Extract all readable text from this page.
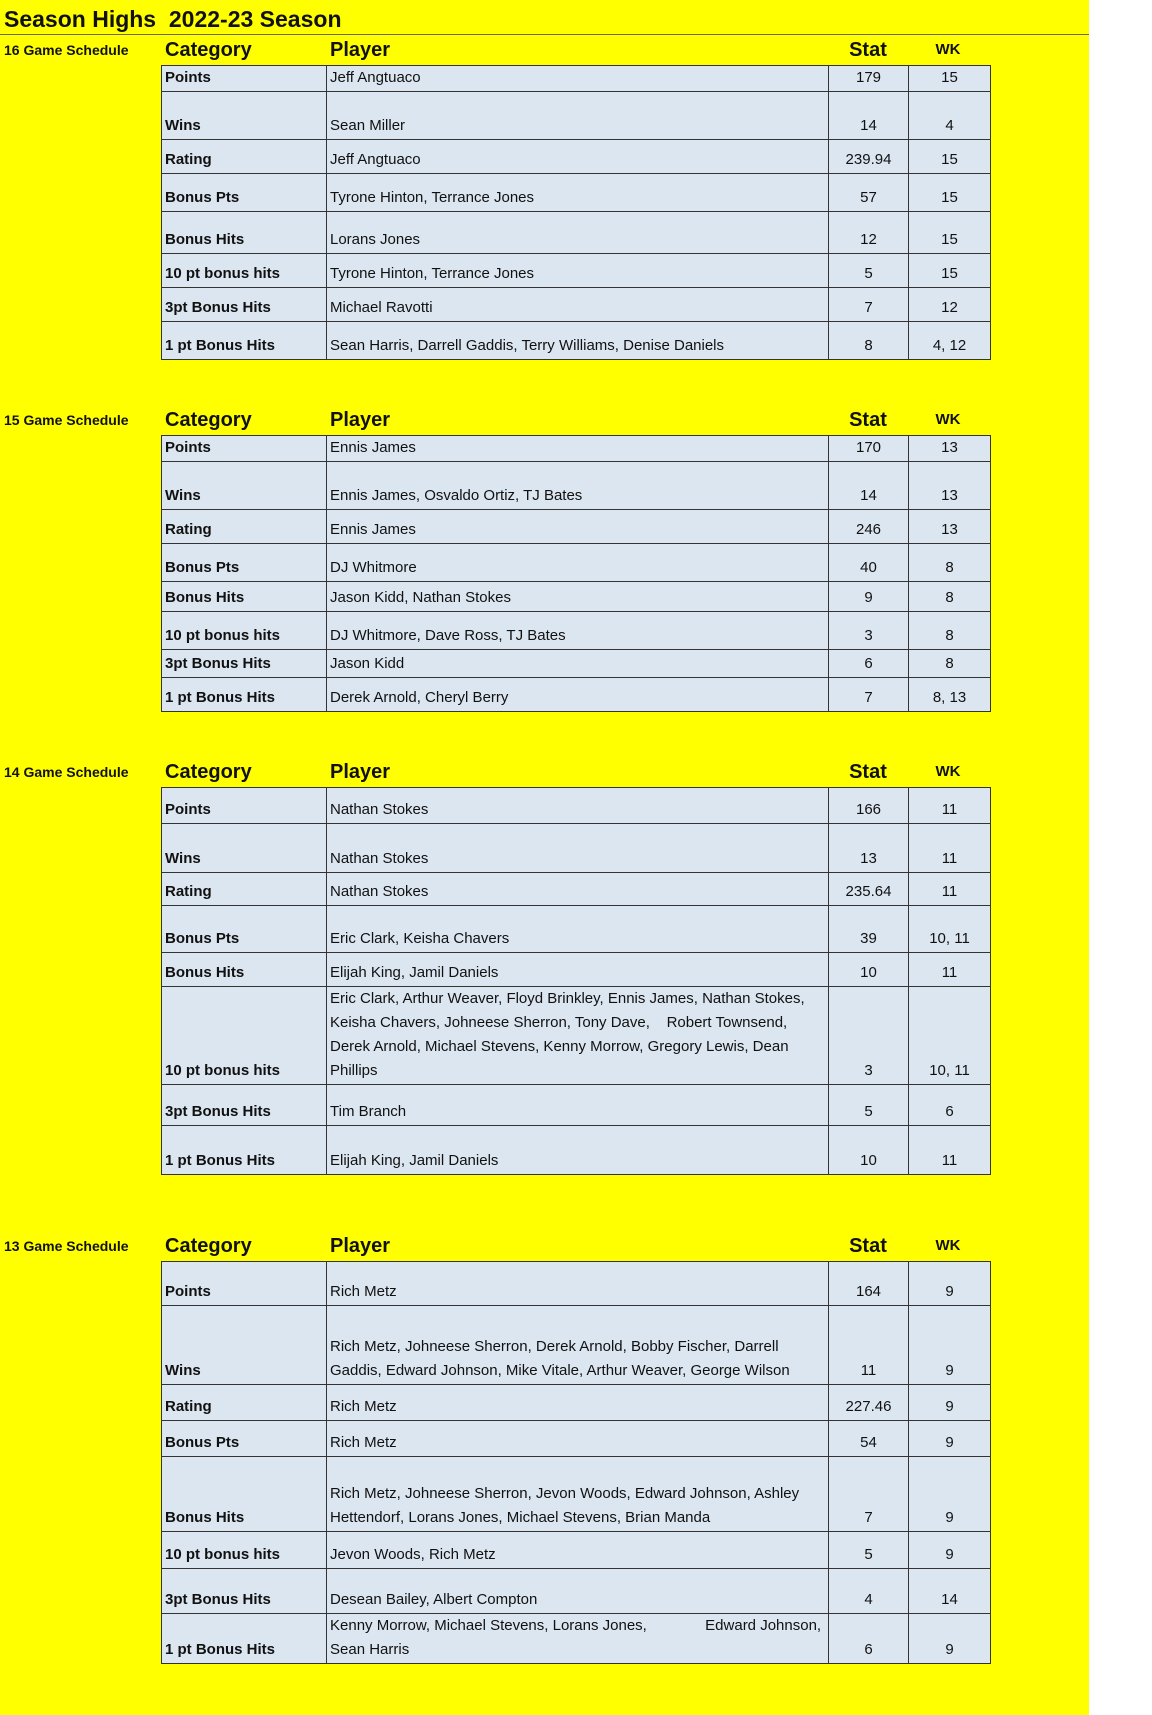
Season Highs  2022-23 Season
16 Game Schedule Category	Player	Stat	WK
Points	Jeff Angtuaco	179	15
Wins	Sean Miller	14	4
Rating	Jeff Angtuaco	239.94	15
Bonus Pts	Tyrone Hinton, Terrance Jones	57	15
Bonus Hits	Lorans Jones	12	15
10 pt bonus hits	Tyrone Hinton, Terrance Jones	5	15
3pt Bonus Hits	Michael Ravotti	7	12
1 pt Bonus Hits	Sean Harris, Darrell Gaddis, Terry Williams, Denise Daniels	8	4, 12
15 Game Schedule Category	Player	Stat	WK
Points	Ennis James	170	13
Wins	Ennis James, Osvaldo Ortiz, TJ Bates	14	13
Rating	Ennis James	246	13
Bonus Pts	DJ Whitmore	40	8
Bonus Hits	Jason Kidd, Nathan Stokes	9	8
10 pt bonus hits	DJ Whitmore, Dave Ross, TJ Bates	3	8
3pt Bonus Hits	Jason Kidd	6	8
1 pt Bonus Hits	Derek Arnold, Cheryl Berry	7	8, 13
14 Game Schedule Category	Player	Stat	WK
Points	Nathan Stokes	166	11
Wins	Nathan Stokes	13	11
Rating	Nathan Stokes	235.64	11
Bonus Pts	Eric Clark, Keisha Chavers	39	10, 11
Bonus Hits	Elijah King, Jamil Daniels	10	11
10 pt bonus hits	Eric Clark, Arthur Weaver, Floyd Brinkley, Ennis James, Nathan Stokes, Keisha Chavers, Johneese Sherron, Tony Dave,    Robert Townsend, Derek Arnold, Michael Stevens, Kenny Morrow, Gregory Lewis, Dean Phillips	3	10, 11
3pt Bonus Hits	Tim Branch	5	6
1 pt Bonus Hits	Elijah King, Jamil Daniels	10	11
13 Game Schedule Category	Player	Stat	WK
Points	Rich Metz	164	9
Wins	Rich Metz, Johneese Sherron, Derek Arnold, Bobby Fischer, Darrell Gaddis, Edward Johnson, Mike Vitale, Arthur Weaver, George Wilson	11	9
Rating	Rich Metz	227.46	9
Bonus Pts	Rich Metz	54	9
Bonus Hits	Rich Metz, Johneese Sherron, Jevon Woods, Edward Johnson, Ashley Hettendorf, Lorans Jones, Michael Stevens, Brian Manda	7	9
10 pt bonus hits	Jevon Woods, Rich Metz	5	9
3pt Bonus Hits	Desean Bailey, Albert Compton	4	14
1 pt Bonus Hits	Kenny Morrow, Michael Stevens, Lorans Jones,              Edward Johnson, Sean Harris	6	9
